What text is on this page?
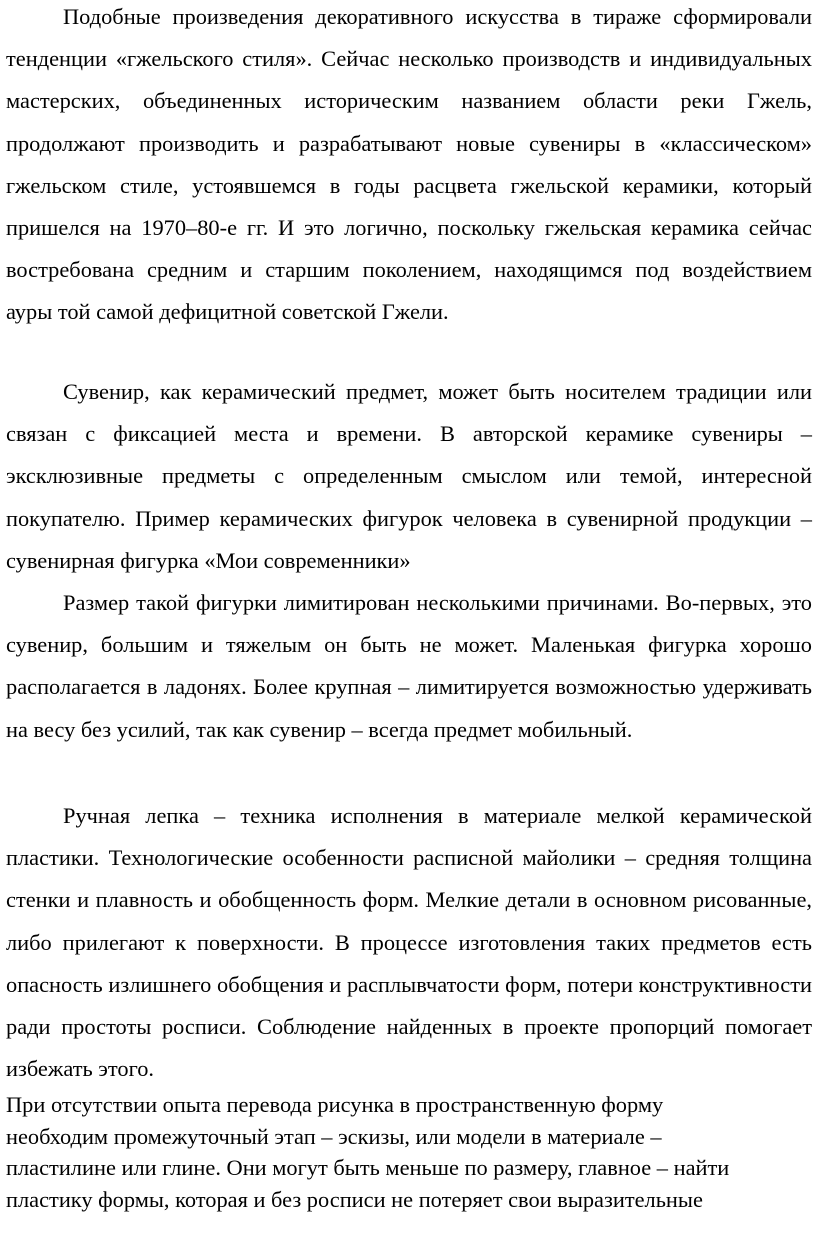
Подобные произведения декоративного искусства в тираже сформировали тенденции «гжельского стиля». Сейчас несколько производств и индивидуальных мастерских, объединенных историческим названием области реки Гжель, продолжают производить и разрабатывают новые сувениры в «классическом» гжельском стиле, устоявшемся в годы расцвета гжельской керамики, который пришелся на 1970–80-е гг. И это логично, поскольку гжельская керамика сейчас востребована средним и старшим поколением, находящимся под воздействием ауры той самой дефицитной советской Гжели.

Сувенир, как керамический предмет, может быть носителем традиции или связан с фиксацией места и времени. В авторской керамике сувениры – эксклюзивные предметы с определенным смыслом или темой, интересной покупателю. Пример керамических фигурок человека в сувенирной продукции – сувенирная фигурка «Мои современники»

Размер такой фигурки лимитирован несколькими причинами. Во-первых, это сувенир, большим и тяжелым он быть не может. Маленькая фигурка хорошо располагается в ладонях. Более крупная – лимитируется возможностью удерживать на весу без усилий, так как сувенир – всегда предмет мобильный.

Ручная лепка – техника исполнения в материале мелкой керамической пластики. Технологические особенности расписной майолики – средняя толщина стенки и плавность и обобщенность форм. Мелкие детали в основном рисованные, либо прилегают к поверхности. В процессе изготовления таких предметов есть опасность излишнего обобщения и расплывчатости форм, потери конструктивности ради простоты росписи. Соблюдение найденных в проекте пропорций помогает избежать этого.

При отсутствии опыта перевода рисунка в пространственную форму
необходим промежуточный этап – эскизы, или модели в материале –
пластилине или глине. Они могут быть меньше по размеру, главное – найти
пластику формы, которая и без росписи не потеряет свои выразительные
